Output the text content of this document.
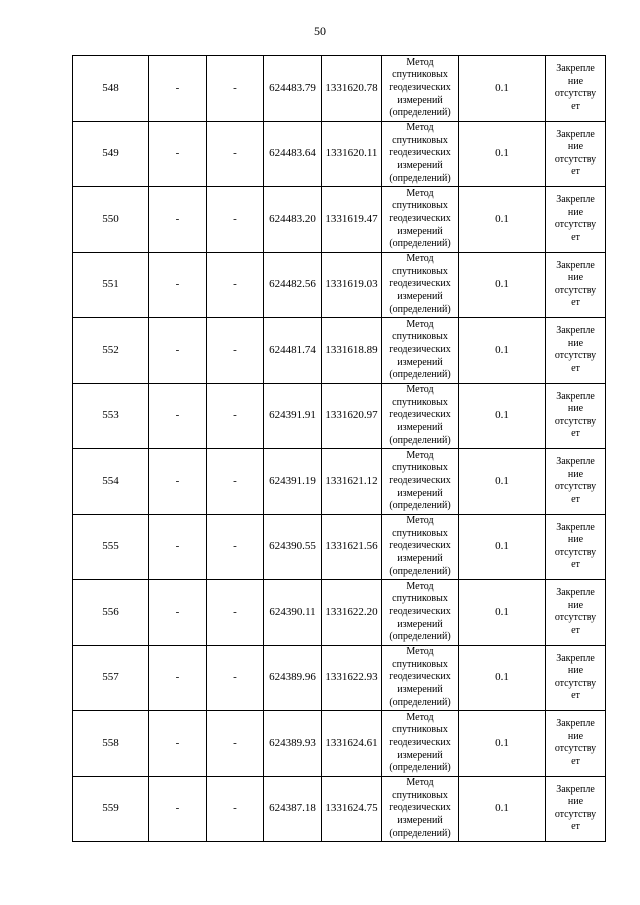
50
548	-	-	624483.79	1331620.78	Метод
спутниковых
геодезических
измерений
(определений)	0.1	Закрепле
ние
отсутству
ет
549	-	-	624483.64	1331620.11	Метод
спутниковых
геодезических
измерений
(определений)	0.1	Закрепле
ние
отсутству
ет
550	-	-	624483.20	1331619.47	Метод
спутниковых
геодезических
измерений
(определений)	0.1	Закрепле
ние
отсутству
ет
551	-	-	624482.56	1331619.03	Метод
спутниковых
геодезических
измерений
(определений)	0.1	Закрепле
ние
отсутству
ет
552	-	-	624481.74	1331618.89	Метод
спутниковых
геодезических
измерений
(определений)	0.1	Закрепле
ние
отсутству
ет
553	-	-	624391.91	1331620.97	Метод
спутниковых
геодезических
измерений
(определений)	0.1	Закрепле
ние
отсутству
ет
554	-	-	624391.19	1331621.12	Метод
спутниковых
геодезических
измерений
(определений)	0.1	Закрепле
ние
отсутству
ет
555	-	-	624390.55	1331621.56	Метод
спутниковых
геодезических
измерений
(определений)	0.1	Закрепле
ние
отсутству
ет
556	-	-	624390.11	1331622.20	Метод
спутниковых
геодезических
измерений
(определений)	0.1	Закрепле
ние
отсутству
ет
557	-	-	624389.96	1331622.93	Метод
спутниковых
геодезических
измерений
(определений)	0.1	Закрепле
ние
отсутству
ет
558	-	-	624389.93	1331624.61	Метод
спутниковых
геодезических
измерений
(определений)	0.1	Закрепле
ние
отсутству
ет
559	-	-	624387.18	1331624.75	Метод
спутниковых
геодезических
измерений
(определений)	0.1	Закрепле
ние
отсутству
ет
